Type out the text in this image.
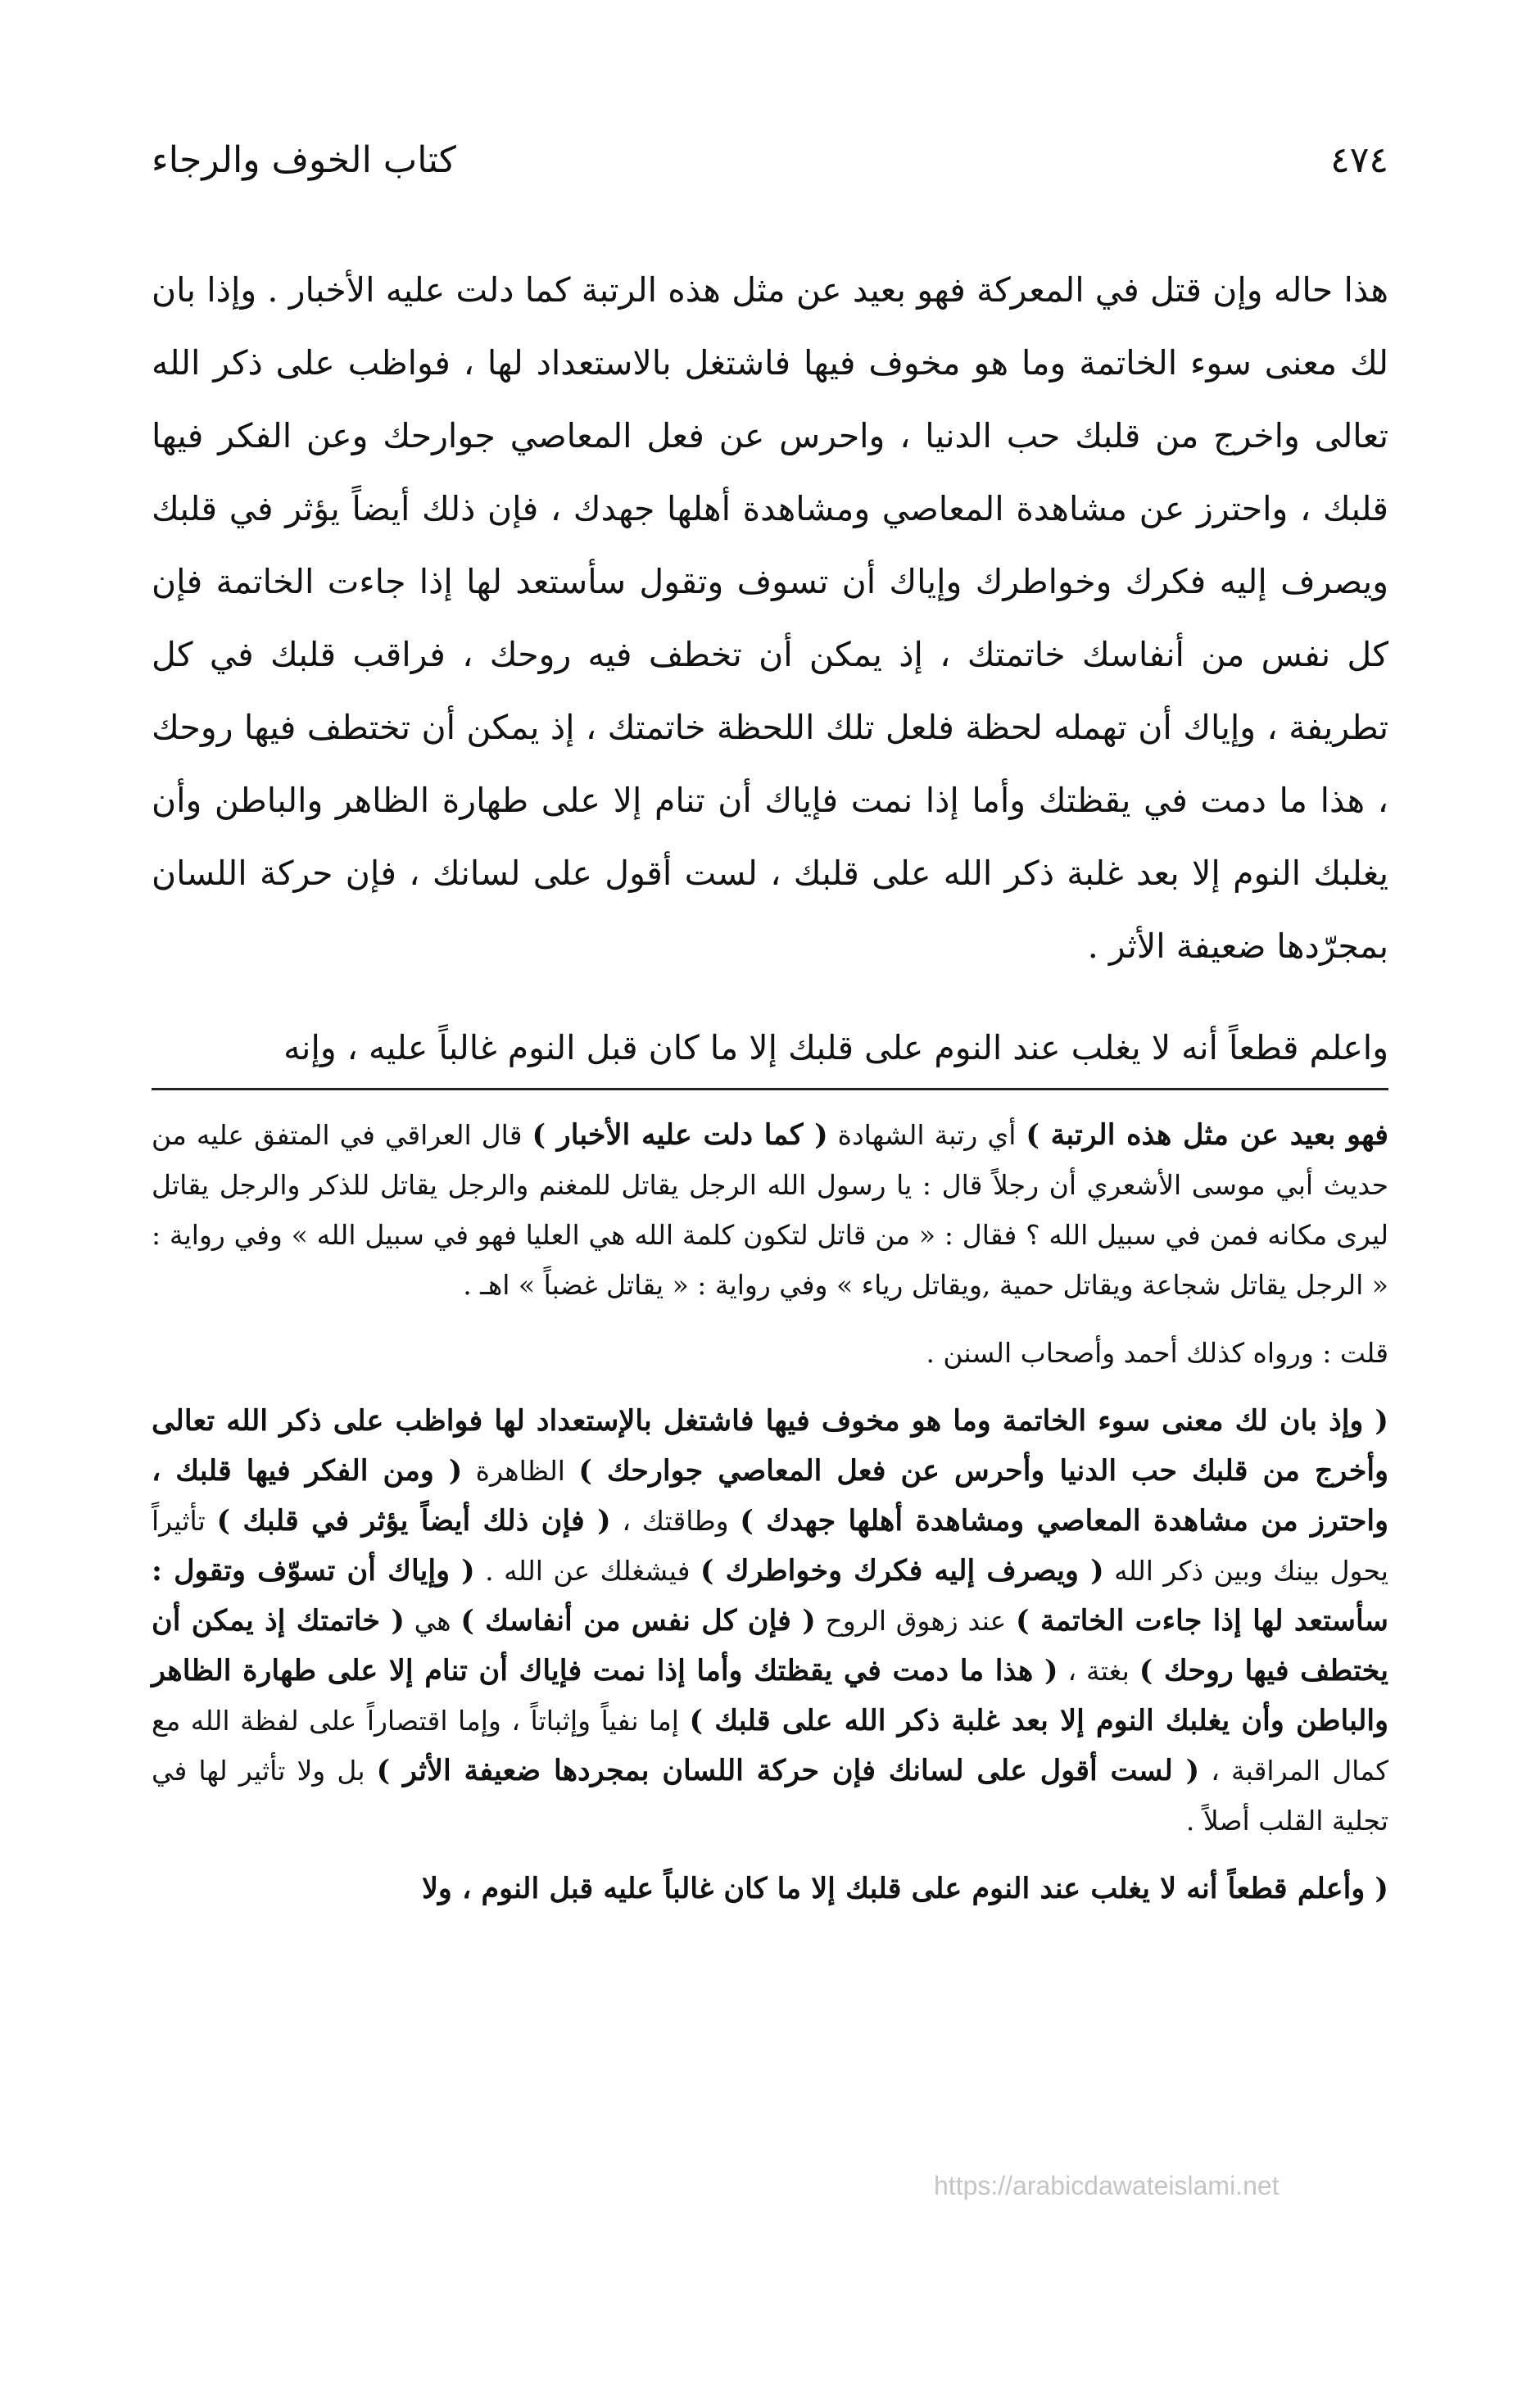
٤٧٤
كتاب الخوف والرجاء

هذا حاله وإن قتل في المعركة فهو بعيد عن مثل هذه الرتبة كما دلت عليه الأخبار . وإذا بان لك معنى سوء الخاتمة وما هو مخوف فيها فاشتغل بالاستعداد لها ، فواظب على ذكر الله تعالى واخرج من قلبك حب الدنيا ، واحرس عن فعل المعاصي جوارحك وعن الفكر فيها قلبك ، واحترز عن مشاهدة المعاصي ومشاهدة أهلها جهدك ، فإن ذلك أيضاً يؤثر في قلبك ويصرف إليه فكرك وخواطرك وإياك أن تسوف وتقول سأستعد لها إذا جاءت الخاتمة فإن كل نفس من أنفاسك خاتمتك ، إذ يمكن أن تخطف فيه روحك ، فراقب قلبك في كل تطريفة ، وإياك أن تهمله لحظة فلعل تلك اللحظة خاتمتك ، إذ يمكن أن تختطف فيها روحك ، هذا ما دمت في يقظتك وأما إذا نمت فإياك أن تنام إلا على طهارة الظاهر والباطن وأن يغلبك النوم إلا بعد غلبة ذكر الله على قلبك ، لست أقول على لسانك ، فإن حركة اللسان بمجرّدها ضعيفة الأثر .

واعلم قطعاً أنه لا يغلب عند النوم على قلبك إلا ما كان قبل النوم غالباً عليه ، وإنه

فهو بعيد عن مثل هذه الرتبة ) أي رتبة الشهادة ( كما دلت عليه الأخبار ) قال العراقي في المتفق عليه من حديث أبي موسى الأشعري أن رجلاً قال : يا رسول الله الرجل يقاتل للمغنم والرجل يقاتل للذكر والرجل يقاتل ليرى مكانه فمن في سبيل الله ؟ فقال : « من قاتل لتكون كلمة الله هي العليا فهو في سبيل الله » وفي رواية : « الرجل يقاتل شجاعة ويقاتل حمية ,ويقاتل رياء » وفي رواية : « يقاتل غضباً » اهـ .

قلت : ورواه كذلك أحمد وأصحاب السنن .

( وإذ بان لك معنى سوء الخاتمة وما هو مخوف فيها فاشتغل بالإستعداد لها فواظب على ذكر الله تعالى وأخرج من قلبك حب الدنيا وأحرس عن فعل المعاصي جوارحك ) الظاهرة ( ومن الفكر فيها قلبك ، واحترز من مشاهدة المعاصي ومشاهدة أهلها جهدك ) وطاقتك ، ( فإن ذلك أيضاً يؤثر في قلبك ) تأثيراً يحول بينك وبين ذكر الله ( ويصرف إليه فكرك وخواطرك ) فيشغلك عن الله . ( وإياك أن تسوّف وتقول : سأستعد لها إذا جاءت الخاتمة ) عند زهوق الروح ( فإن كل نفس من أنفاسك ) هي ( خاتمتك إذ يمكن أن يختطف فيها روحك ) بغتة ، ( هذا ما دمت في يقظتك وأما إذا نمت فإياك أن تنام إلا على طهارة الظاهر والباطن وأن يغلبك النوم إلا بعد غلبة ذكر الله على قلبك ) إما نفياً وإثباتاً ، وإما اقتصاراً على لفظة الله مع كمال المراقبة ، ( لست أقول على لسانك فإن حركة اللسان بمجردها ضعيفة الأثر ) بل ولا تأثير لها في تجلية القلب أصلاً .

( وأعلم قطعاً أنه لا يغلب عند النوم على قلبك إلا ما كان غالباً عليه قبل النوم ، ولا

https://arabicdawateislami.net
